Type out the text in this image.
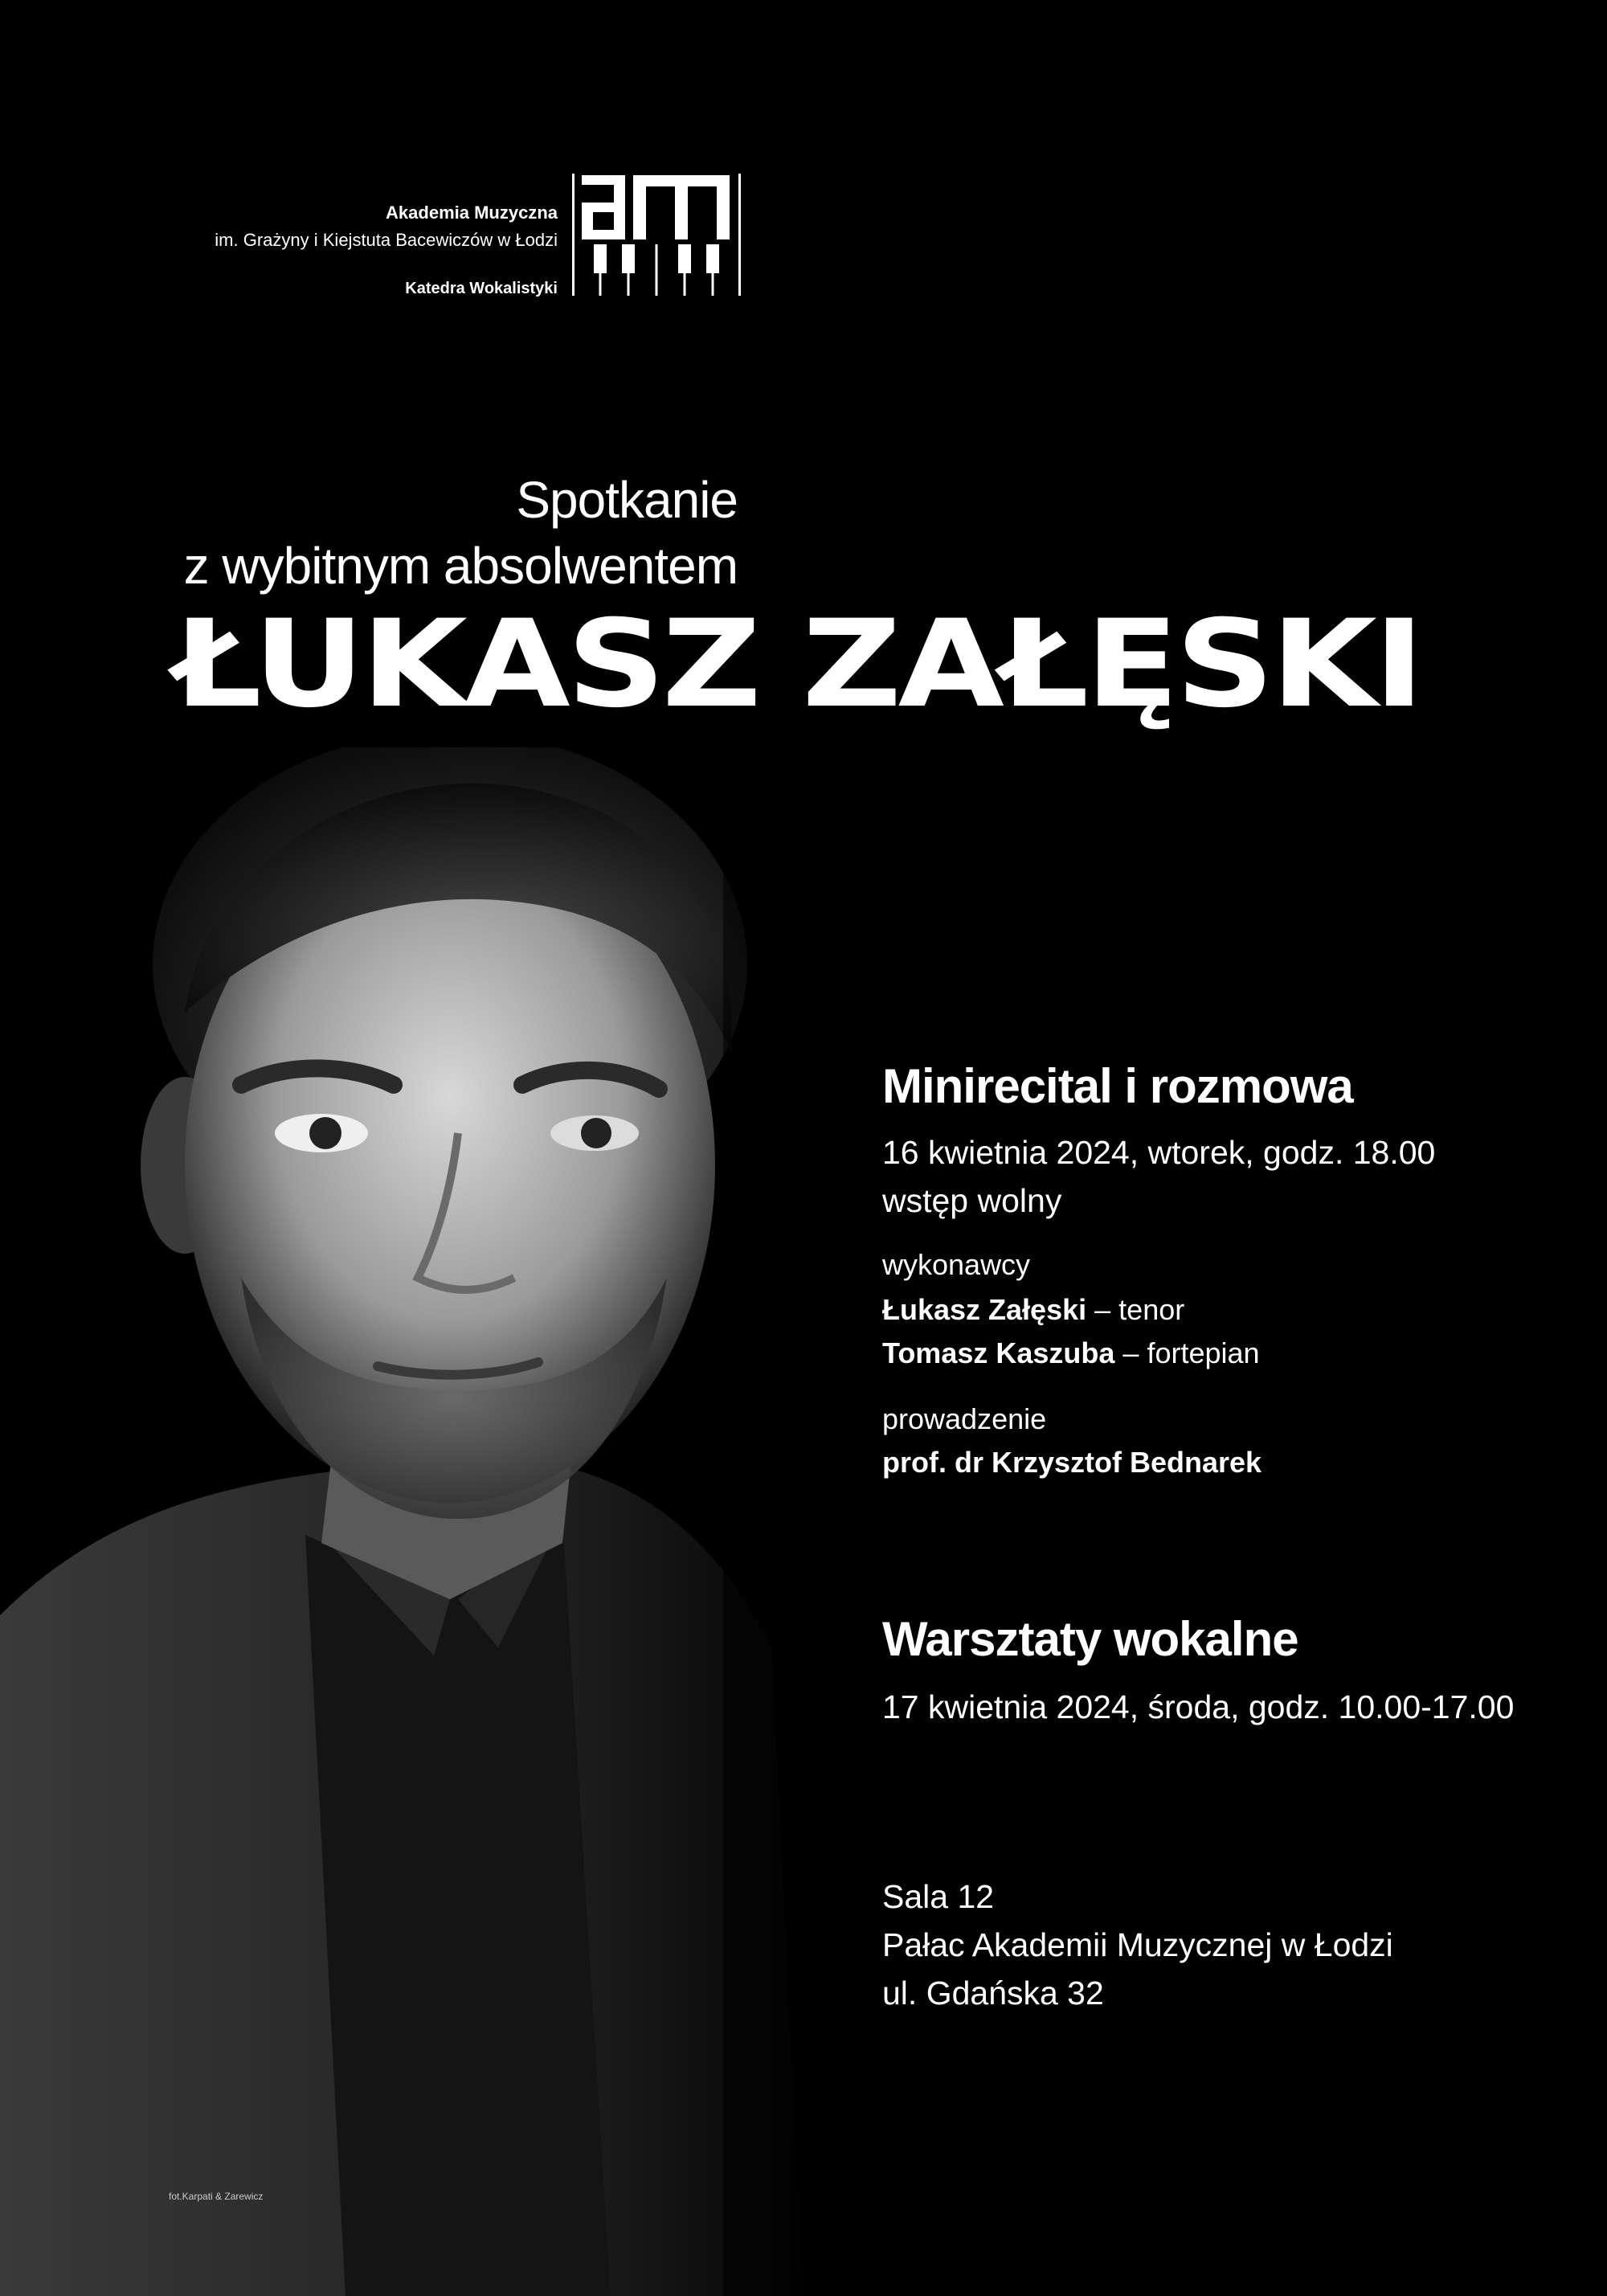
Akademia Muzyczna
im. Grażyny i Kiejstuta Bacewiczów w Łodzi
Katedra Wokalistyki
Spotkanie
z wybitnym absolwentem
ŁUKASZ ZAŁĘSKI
Minirecital i rozmowa
16 kwietnia 2024, wtorek, godz. 18.00
wstęp wolny
wykonawcy
Łukasz Załęski – tenor
Tomasz Kaszuba – fortepian
prowadzenie
prof. dr Krzysztof Bednarek
Warsztaty wokalne
17 kwietnia 2024, środa, godz. 10.00-17.00
Sala 12
Pałac Akademii Muzycznej w Łodzi
ul. Gdańska 32
fot.Karpati & Zarewicz
